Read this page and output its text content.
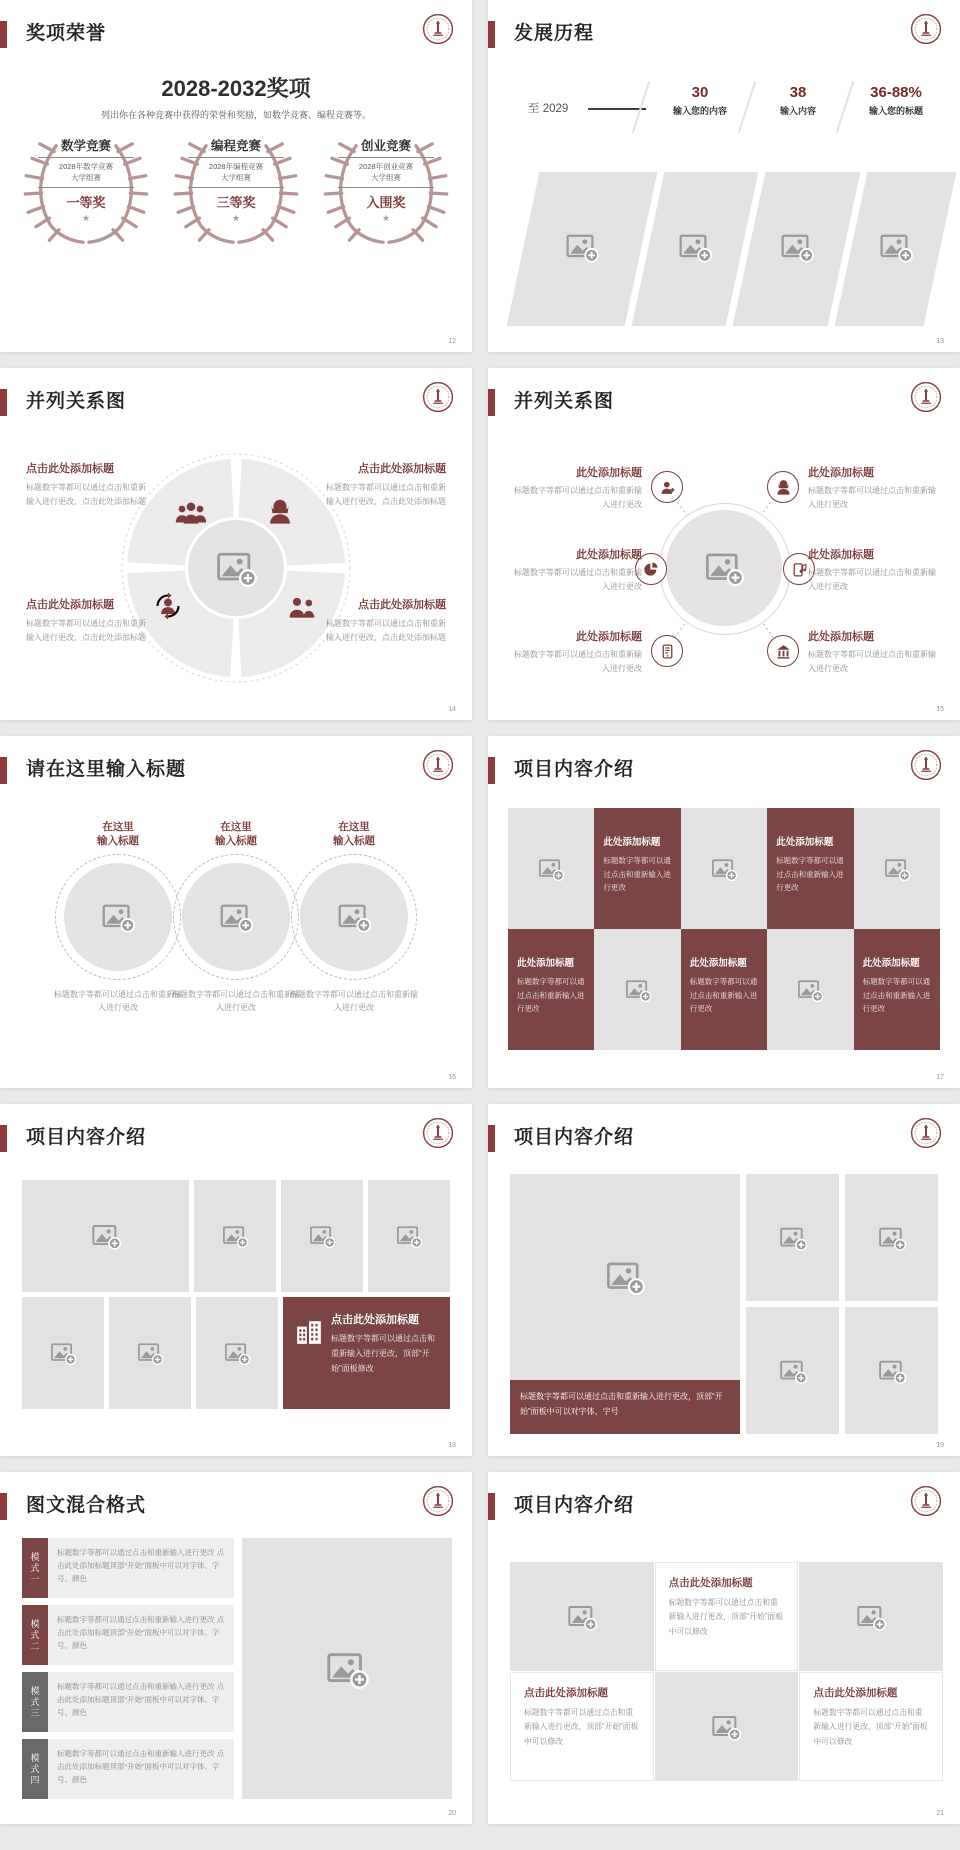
奖项荣誉
2028-2032奖项
列出你在各种竞赛中获得的荣誉和奖励，如数学竞赛、编程竞赛等。
数学竞赛
2028年数学竞赛
大学组赛
一等奖
★
编程竞赛
2028年编程竞赛
大学组赛
三等奖
★
创业竞赛
2028年创业竞赛
大学组赛
入围奖
★
12
发展历程
至 2029
30
输入您的内容
38
输入内容
36-88%
输入您的标题
13
并列关系图
点击此处添加标题

标题数字等都可以通过点击和重新输入进行更改，点击此处添加标题

点击此处添加标题

标题数字等都可以通过点击和重新输入进行更改，点击此处添加标题

点击此处添加标题

标题数字等都可以通过点击和重新输入进行更改，点击此处添加标题

点击此处添加标题

标题数字等都可以通过点击和重新输入进行更改，点击此处添加标题

14
并列关系图
此处添加标题

标题数字等都可以通过点击和重新输入进行更改

此处添加标题

标题数字等都可以通过点击和重新输入进行更改

此处添加标题

标题数字等都可以通过点击和重新输入进行更改

此处添加标题

标题数字等都可以通过点击和重新输入进行更改

此处添加标题

标题数字等都可以通过点击和重新输入进行更改

此处添加标题

标题数字等都可以通过点击和重新输入进行更改

15
请在这里输入标题
在这里
输入标题
标题数字等都可以通过点击和重新输入进行更改
在这里
输入标题
标题数字等都可以通过点击和重新输入进行更改
在这里
输入标题
标题数字等都可以通过点击和重新输入进行更改
16
项目内容介绍
此处添加标题

标题数字等都可以通过点击和重新输入进行更改

此处添加标题

标题数字等都可以通过点击和重新输入进行更改

此处添加标题

标题数字等都可以通过点击和重新输入进行更改

此处添加标题

标题数字等都可以通过点击和重新输入进行更改

此处添加标题

标题数字等都可以通过点击和重新输入进行更改

17
项目内容介绍
点击此处添加标题

标题数字等都可以通过点击和重新输入进行更改，顶部“开始”面板修改

18
项目内容介绍
标题数字等都可以通过点击和重新输入进行更改，顶部“开始”面板中可以对字体、字号
19
图文混合格式
模式一	标题数字等都可以通过点击和重新输入进行更改 点击此处添加标题顶部“开始”面板中可以对字体、字号、颜色
模式二	标题数字等都可以通过点击和重新输入进行更改 点击此处添加标题顶部“开始”面板中可以对字体、字号、颜色
模式三	标题数字等都可以通过点击和重新输入进行更改 点击此处添加标题顶部“开始”面板中可以对字体、字号、颜色
模式四	标题数字等都可以通过点击和重新输入进行更改 点击此处添加标题顶部“开始”面板中可以对字体、字号、颜色
20
项目内容介绍
点击此处添加标题

标题数字等都可以通过点击和重新输入进行更改，顶部“开始”面板中可以修改

点击此处添加标题

标题数字等都可以通过点击和重新输入进行更改，顶部“开始”面板中可以修改

点击此处添加标题

标题数字等都可以通过点击和重新输入进行更改，顶部“开始”面板中可以修改

21
